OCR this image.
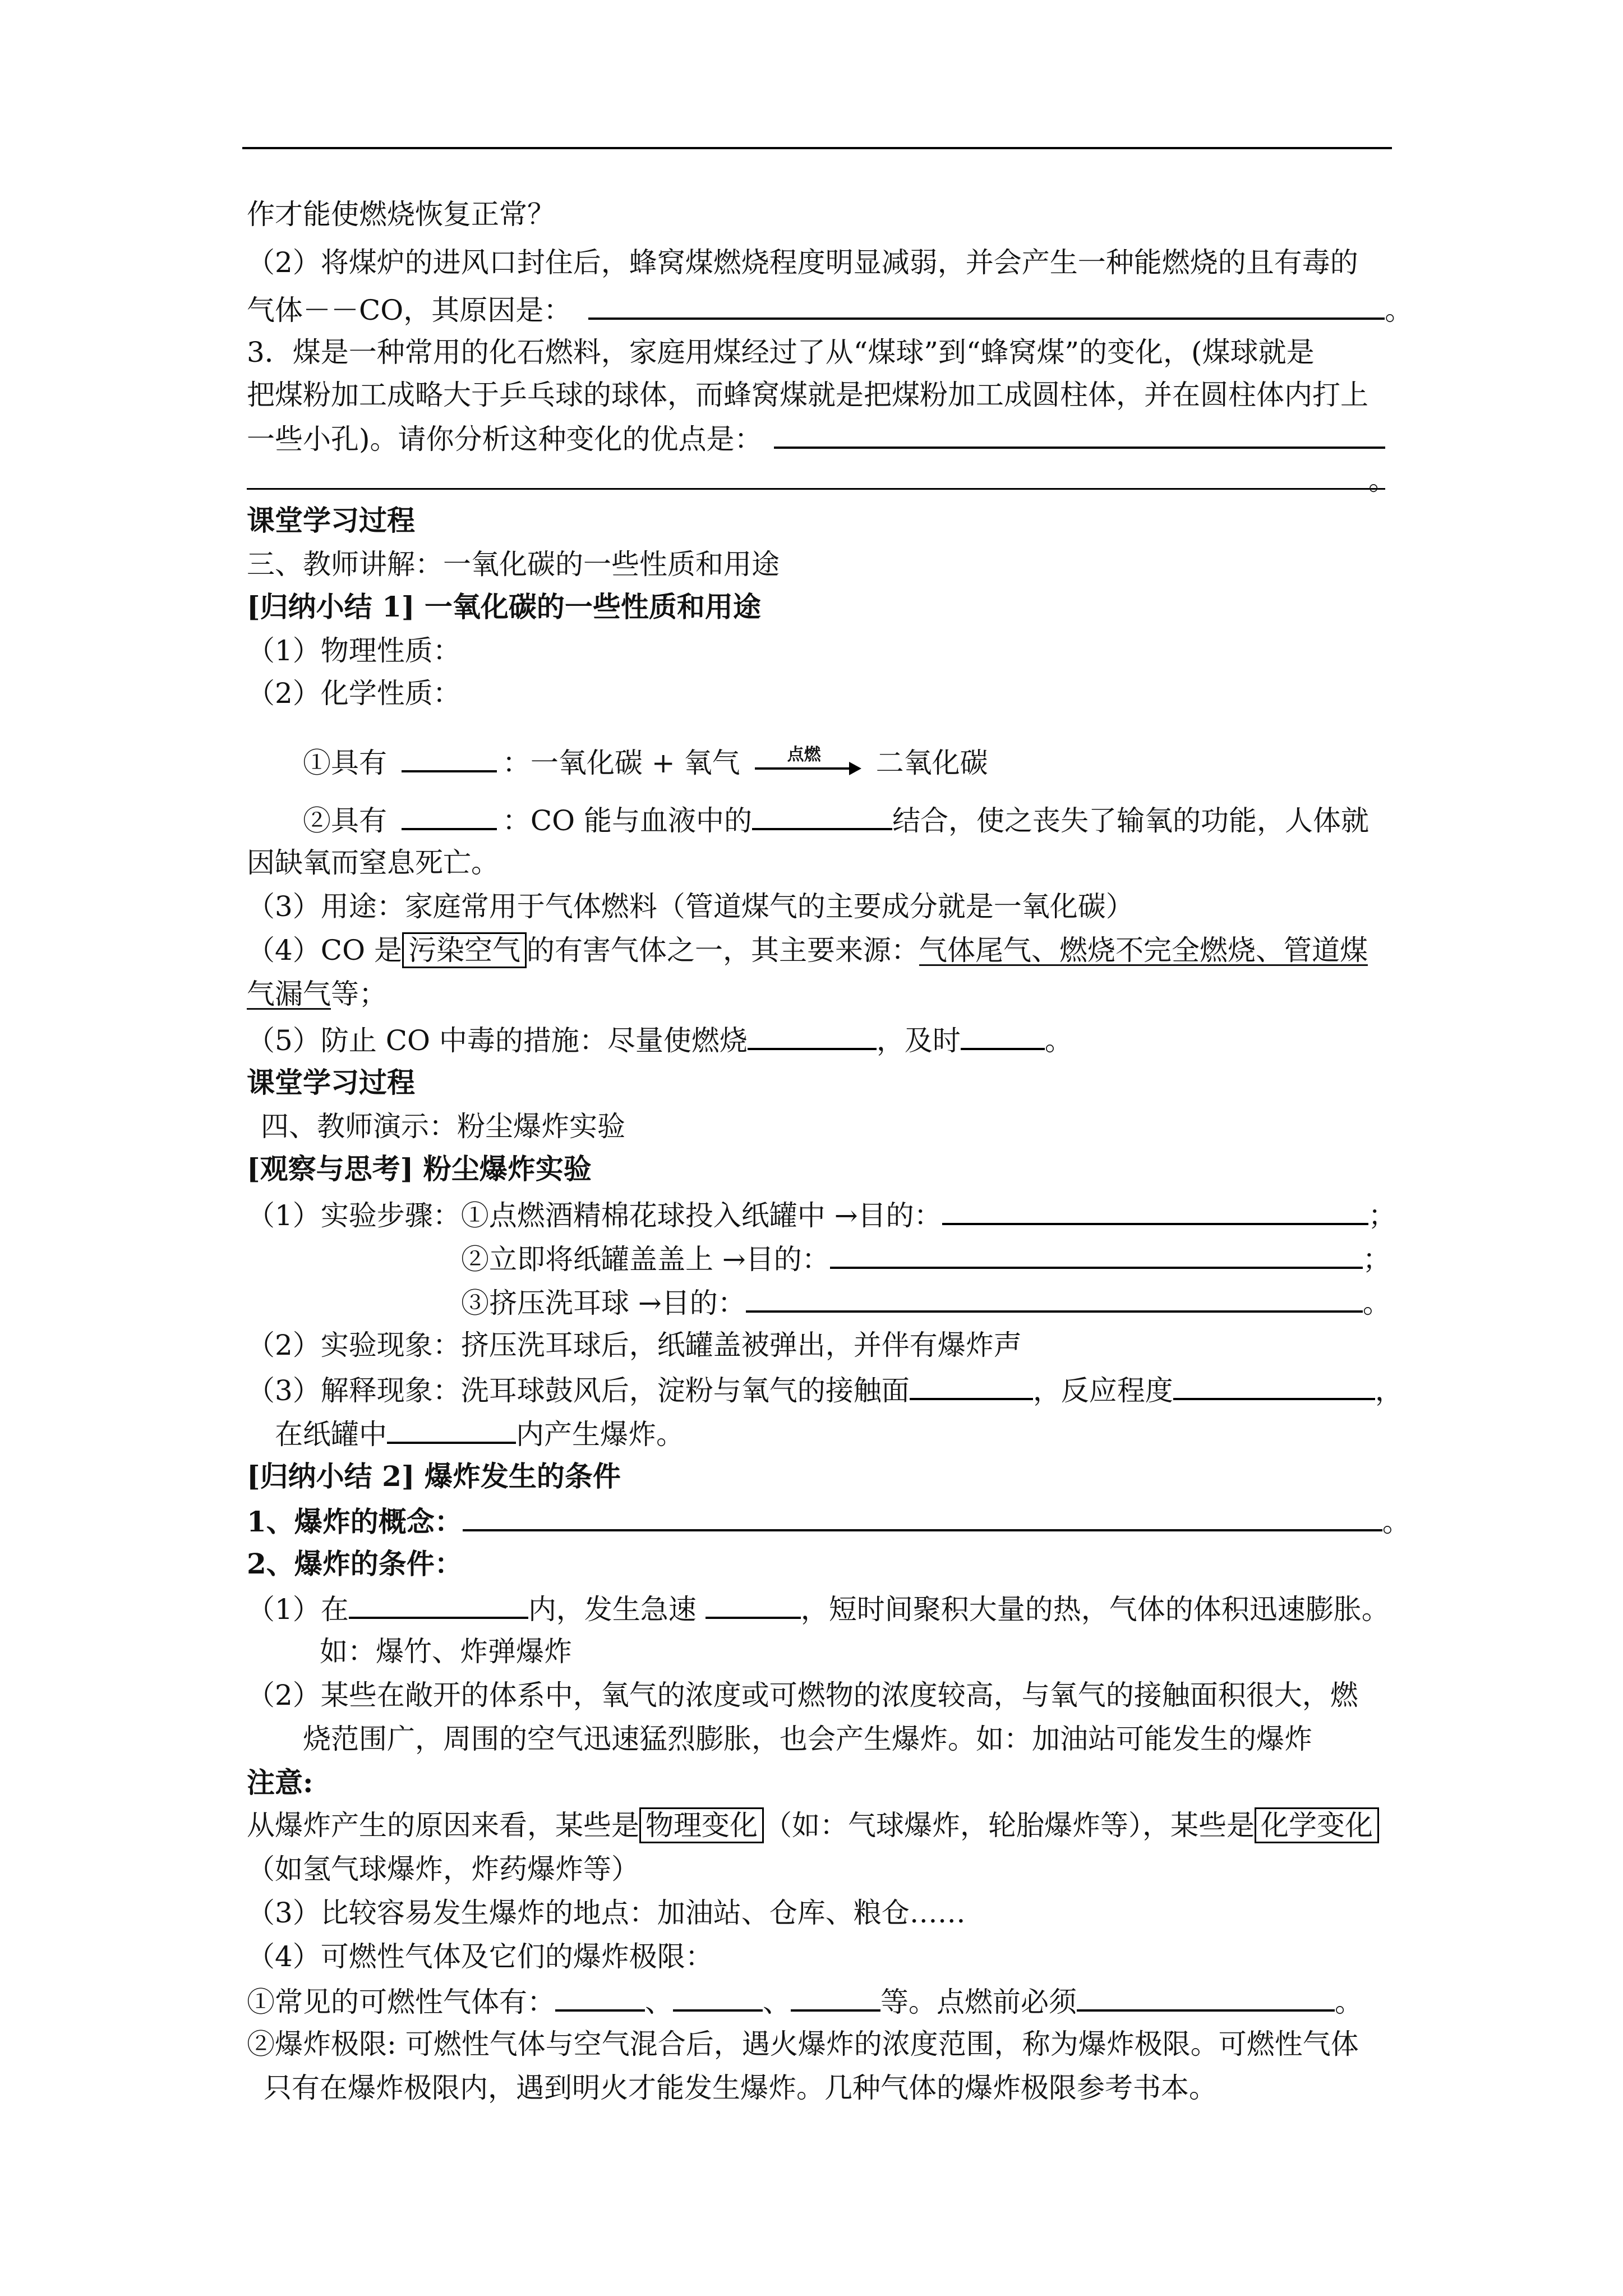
作才能使燃烧恢复正常？
（2）将煤炉的进风口封住后，蜂窝煤燃烧程度明显减弱，并会产生一种能燃烧的且有毒的
气体－－CO，其原因是：	。
3．煤是一种常用的化石燃料，家庭用煤经过了从“煤球”到“蜂窝煤”的变化，(煤球就是
把煤粉加工成略大于乒乓球的球体，而蜂窝煤就是把煤粉加工成圆柱体，并在圆柱体内打上
一些小孔)。请你分析这种变化的优点是：
。
课堂学习过程
三、教师讲解：一氧化碳的一些性质和用途
[归纳小结 1] 一氧化碳的一些性质和用途
（1）物理性质：
（2）化学性质：
①具有	：一氧化碳 + 氧气	点燃	二氧化碳
②具有	：CO 能与血液中的	结合，使之丧失了输氧的功能，人体就
因缺氧而窒息死亡。
（3）用途：家庭常用于气体燃料（管道煤气的主要成分就是一氧化碳）
（4）CO 是 污染空气 的有害气体之一，其主要来源：气体尾气、燃烧不完全燃烧、管道煤
气漏气等；
（5）防止 CO 中毒的措施：尽量使燃烧	，及时	。
课堂学习过程
四、教师演示：粉尘爆炸实验
[观察与思考] 粉尘爆炸实验
（1）实验步骤：①点燃酒精棉花球投入纸罐中 →目的：	；
②立即将纸罐盖盖上 →目的：	；
③挤压洗耳球 →目的：	。
（2）实验现象：挤压洗耳球后，纸罐盖被弹出，并伴有爆炸声
（3）解释现象：洗耳球鼓风后，淀粉与氧气的接触面	，反应程度	，
在纸罐中	内产生爆炸。
[归纳小结 2] 爆炸发生的条件
1、爆炸的概念：	。
2、爆炸的条件：
（1）在	内，发生急速	，短时间聚积大量的热，气体的体积迅速膨胀。
如：爆竹、炸弹爆炸
（2）某些在敞开的体系中，氧气的浓度或可燃物的浓度较高，与氧气的接触面积很大，燃
烧范围广，周围的空气迅速猛烈膨胀，也会产生爆炸。如：加油站可能发生的爆炸
注意:
从爆炸产生的原因来看，某些是 物理变化 （如：气球爆炸，轮胎爆炸等），某些是 化学变化
（如氢气球爆炸，炸药爆炸等）
（3）比较容易发生爆炸的地点：加油站、仓库、粮仓……
（4）可燃性气体及它们的爆炸极限：
①常见的可燃性气体有：	、	、	等。点燃前必须	。
②爆炸极限: 可燃性气体与空气混合后，遇火爆炸的浓度范围，称为爆炸极限。可燃性气体
只有在爆炸极限内，遇到明火才能发生爆炸。几种气体的爆炸极限参考书本。
